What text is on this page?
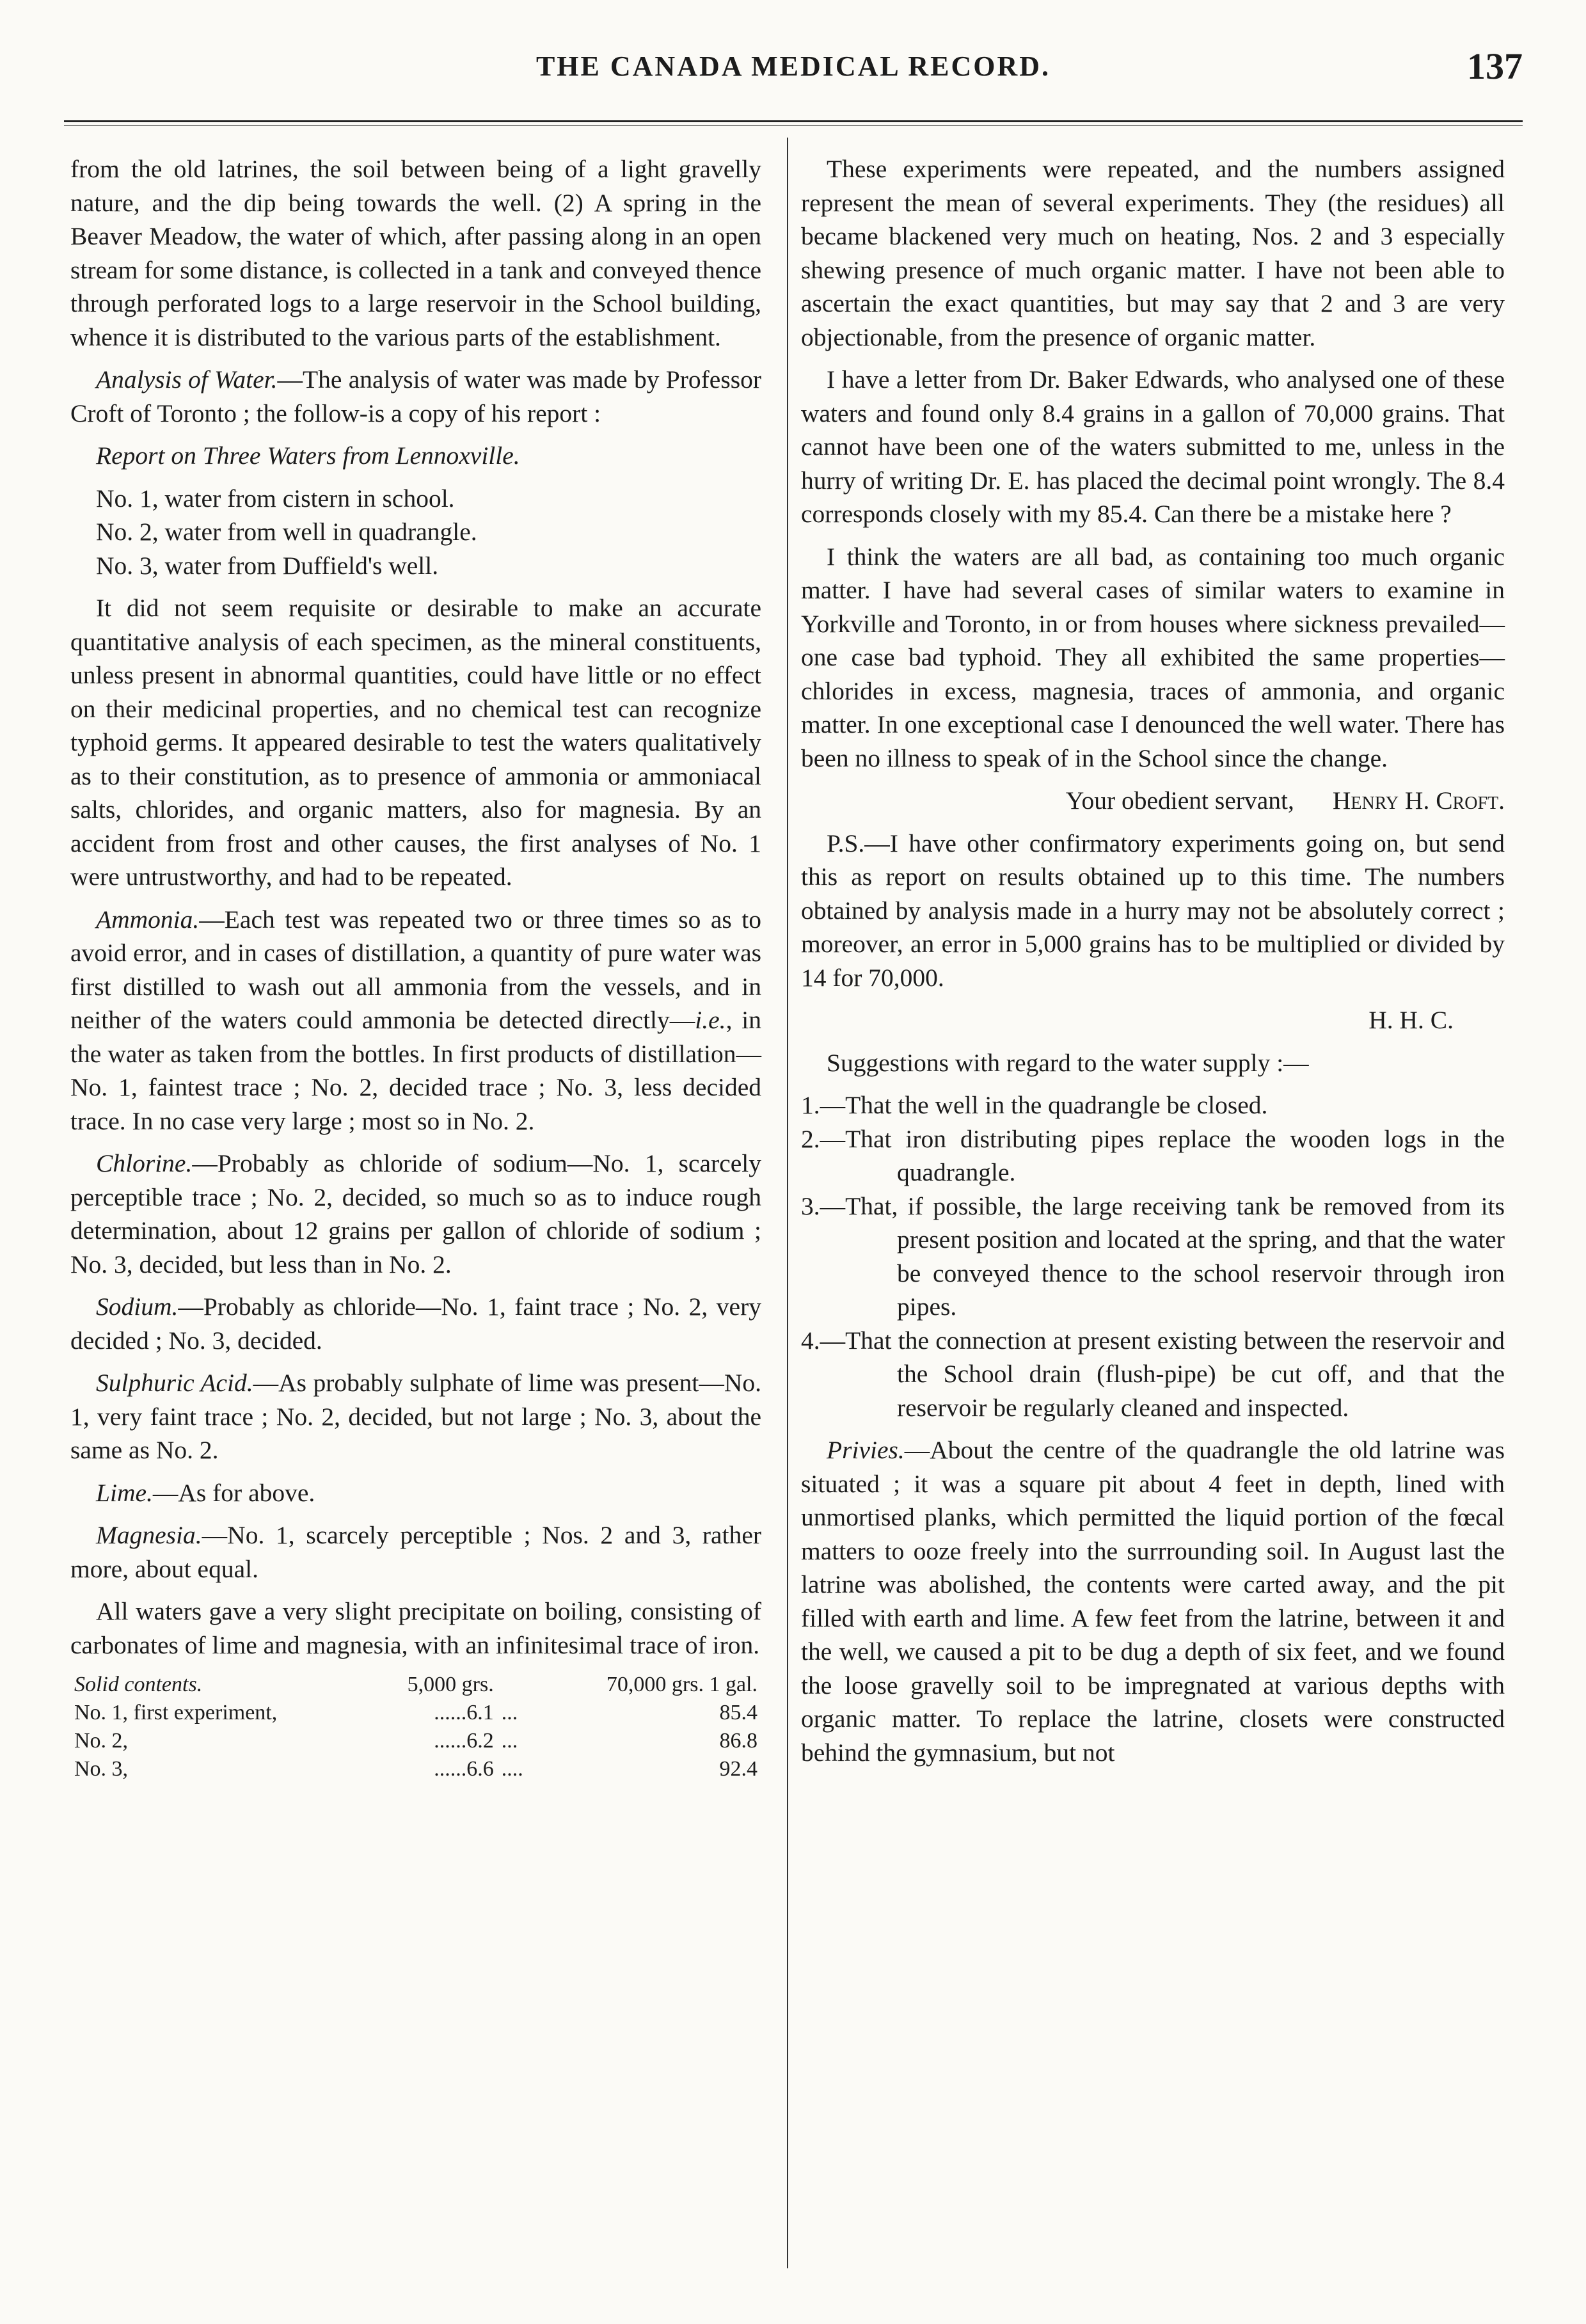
THE CANADA MEDICAL RECORD.	137

from the old latrines, the soil between being of a light gravelly nature, and the dip being towards the well. (2) A spring in the Beaver Meadow, the water of which, after passing along in an open stream for some distance, is collected in a tank and conveyed thence through perforated logs to a large reservoir in the School building, whence it is distributed to the various parts of the establishment.

Analysis of Water.—The analysis of water was made by Professor Croft of Toronto ; the follow-is a copy of his report :

Report on Three Waters from Lennoxville.

No. 1, water from cistern in school.
No. 2, water from well in quadrangle.
No. 3, water from Duffield's well.

It did not seem requisite or desirable to make an accurate quantitative analysis of each specimen, as the mineral constituents, unless present in abnormal quantities, could have little or no effect on their medicinal properties, and no chemical test can recognize typhoid germs. It appeared desirable to test the waters qualitatively as to their constitution, as to presence of ammonia or ammoniacal salts, chlorides, and organic matters, also for magnesia. By an accident from frost and other causes, the first analyses of No. 1 were untrustworthy, and had to be repeated.

Ammonia.—Each test was repeated two or three times so as to avoid error, and in cases of distillation, a quantity of pure water was first distilled to wash out all ammonia from the vessels, and in neither of the waters could ammonia be detected directly—i.e., in the water as taken from the bottles. In first products of distillation—No. 1, faintest trace ; No. 2, decided trace ; No. 3, less decided trace. In no case very large ; most so in No. 2.

Chlorine.—Probably as chloride of sodium—No. 1, scarcely perceptible trace ; No. 2, decided, so much so as to induce rough determination, about 12 grains per gallon of chloride of sodium ; No. 3, decided, but less than in No. 2.

Sodium.—Probably as chloride—No. 1, faint trace ; No. 2, very decided ; No. 3, decided.

Sulphuric Acid.—As probably sulphate of lime was present—No. 1, very faint trace ; No. 2, decided, but not large ; No. 3, about the same as No. 2.

Lime.—As for above.

Magnesia.—No. 1, scarcely perceptible ; Nos. 2 and 3, rather more, about equal.

All waters gave a very slight precipitate on boiling, consisting of carbonates of lime and magnesia, with an infinitesimal trace of iron.

Solid contents.	5,000 grs.		70,000 grs. 1 gal.
No. 1, first experiment,	......6.1	...	85.4
No. 2,	......6.2	...	86.8
No. 3,	......6.6	....	92.4

These experiments were repeated, and the numbers assigned represent the mean of several experiments. They (the residues) all became blackened very much on heating, Nos. 2 and 3 especially shewing presence of much organic matter. I have not been able to ascertain the exact quantities, but may say that 2 and 3 are very objectionable, from the presence of organic matter.

I have a letter from Dr. Baker Edwards, who analysed one of these waters and found only 8.4 grains in a gallon of 70,000 grains. That cannot have been one of the waters submitted to me, unless in the hurry of writing Dr. E. has placed the decimal point wrongly. The 8.4 corresponds closely with my 85.4. Can there be a mistake here ?

I think the waters are all bad, as containing too much organic matter. I have had several cases of similar waters to examine in Yorkville and Toronto, in or from houses where sickness prevailed—one case bad typhoid. They all exhibited the same properties—chlorides in excess, magnesia, traces of ammonia, and organic matter. In one exceptional case I denounced the well water. There has been no illness to speak of in the School since the change.

Your obedient servant, Henry H. Croft.

P.S.—I have other confirmatory experiments going on, but send this as report on results obtained up to this time. The numbers obtained by analysis made in a hurry may not be absolutely correct ; moreover, an error in 5,000 grains has to be multiplied or divided by 14 for 70,000.

H. H. C.

Suggestions with regard to the water supply :—

1.—That the well in the quadrangle be closed.

2.—That iron distributing pipes replace the wooden logs in the quadrangle.

3.—That, if possible, the large receiving tank be removed from its present position and located at the spring, and that the water be conveyed thence to the school reservoir through iron pipes.

4.—That the connection at present existing between the reservoir and the School drain (flush-pipe) be cut off, and that the reservoir be regularly cleaned and inspected.

Privies.—About the centre of the quadrangle the old latrine was situated ; it was a square pit about 4 feet in depth, lined with unmortised planks, which permitted the liquid portion of the fœcal matters to ooze freely into the surrrounding soil. In August last the latrine was abolished, the contents were carted away, and the pit filled with earth and lime. A few feet from the latrine, between it and the well, we caused a pit to be dug a depth of six feet, and we found the loose gravelly soil to be impregnated at various depths with organic matter. To replace the latrine, closets were constructed behind the gymnasium, but not
